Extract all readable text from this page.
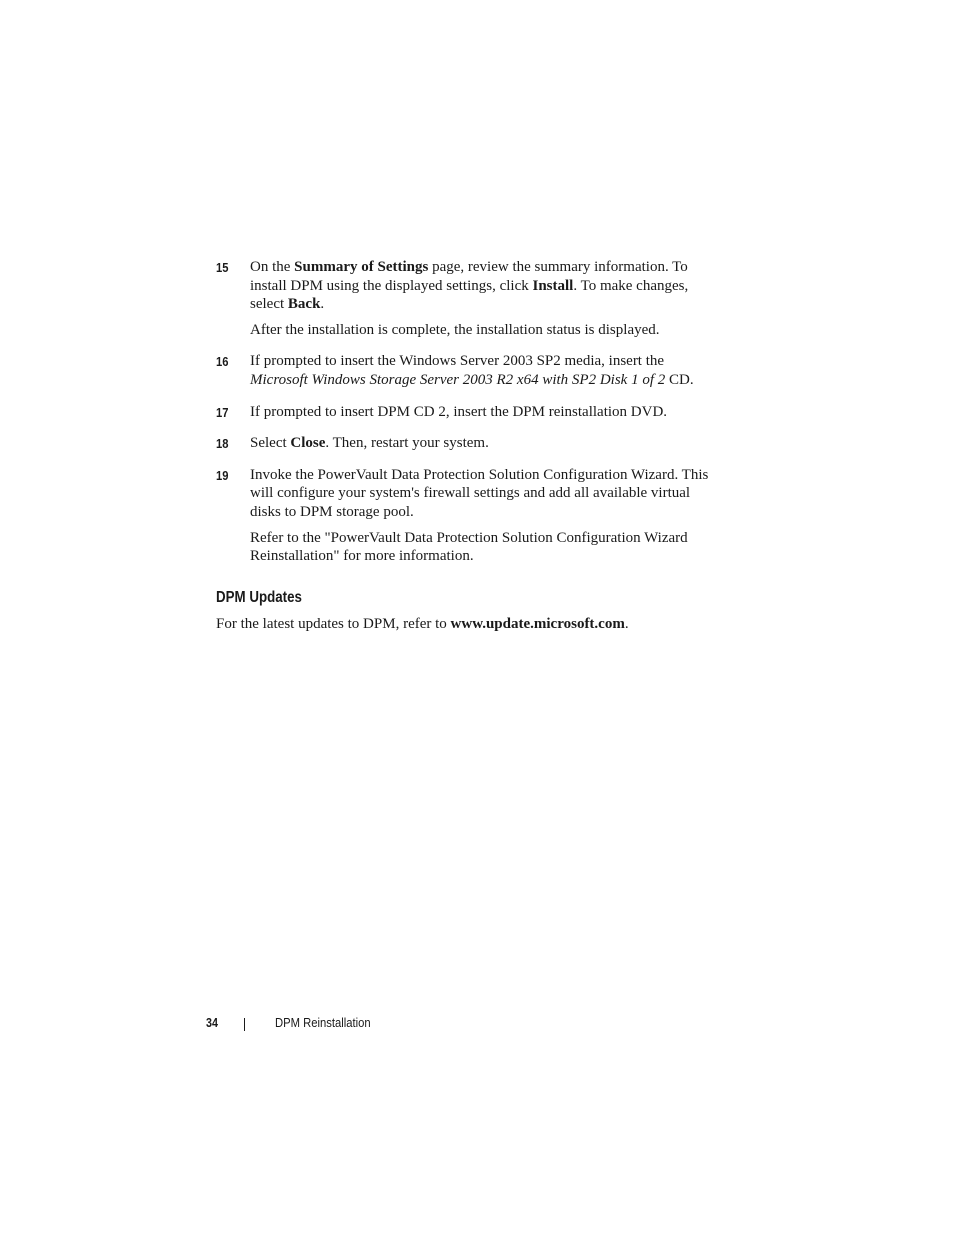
15	On the Summary of Settings page, review the summary information. To install DPM using the displayed settings, click Install. To make changes, select Back.

After the installation is complete, the installation status is displayed.

16	If prompted to insert the Windows Server 2003 SP2 media, insert the Microsoft Windows Storage Server 2003 R2 x64 with SP2 Disk 1 of 2 CD.

17	If prompted to insert DPM CD 2, insert the DPM reinstallation DVD.

18	Select Close. Then, restart your system.

19	Invoke the PowerVault Data Protection Solution Configuration Wizard. This will configure your system's firewall settings and add all available virtual disks to DPM storage pool.

Refer to the "PowerVault Data Protection Solution Configuration Wizard Reinstallation" for more information.

DPM Updates

For the latest updates to DPM, refer to www.update.microsoft.com.

34	DPM Reinstallation
